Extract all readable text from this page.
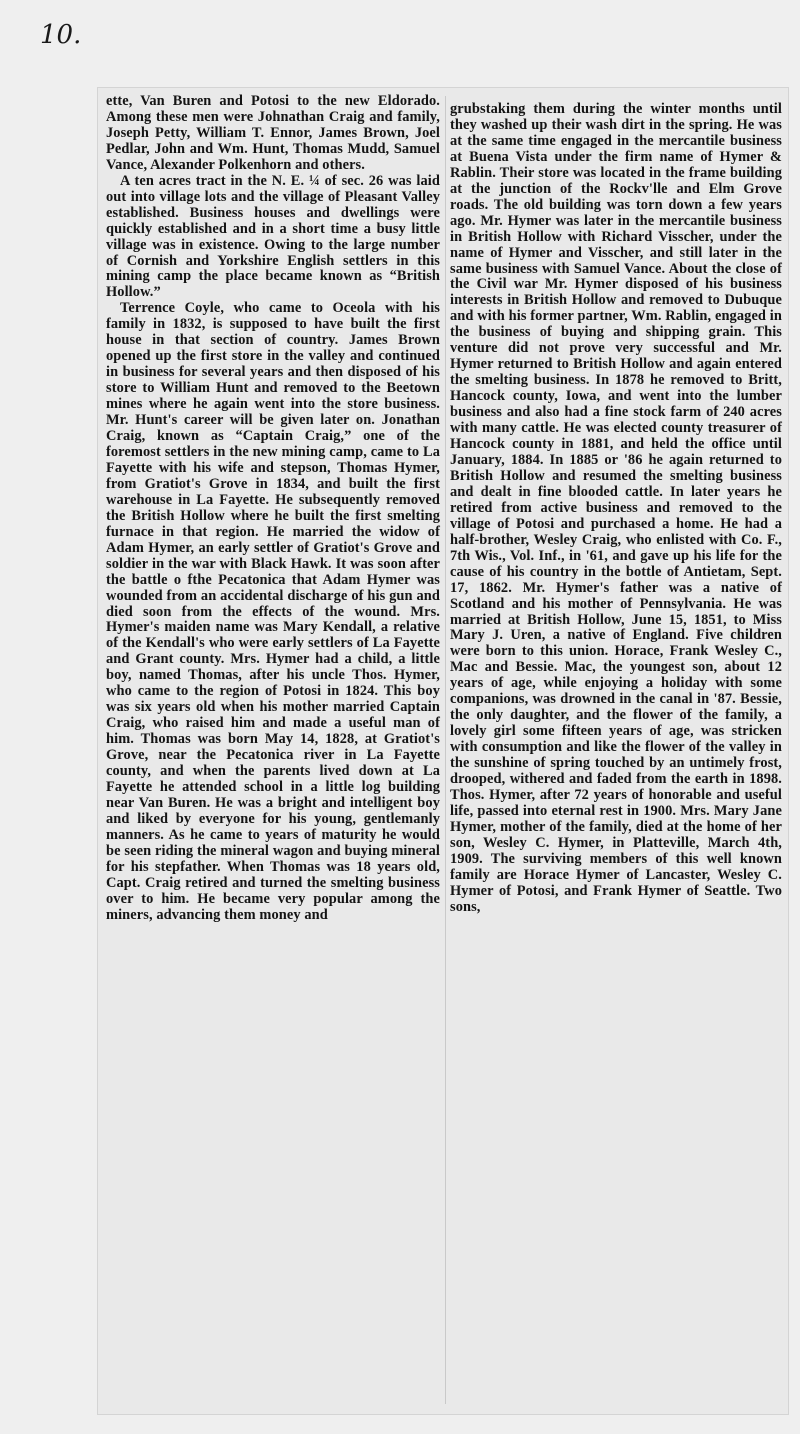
10.

ette, Van Buren and Potosi to the new Eldorado. Among these men were Johnathan Craig and family, Joseph Petty, William T. Ennor, James Brown, Joel Pedlar, John and Wm. Hunt, Thomas Mudd, Samuel Vance, Alexander Polkenhorn and others.

A ten acres tract in the N. E. ¼ of sec. 26 was laid out into village lots and the village of Pleasant Valley established. Business houses and dwellings were quickly established and in a short time a busy little village was in existence. Owing to the large number of Cornish and Yorkshire English settlers in this mining camp the place became known as “British Hollow.”

Terrence Coyle, who came to Oceola with his family in 1832, is supposed to have built the first house in that section of country. James Brown opened up the first store in the valley and continued in business for several years and then disposed of his store to William Hunt and removed to the Beetown mines where he again went into the store business. Mr. Hunt's career will be given later on. Jonathan Craig, known as “Captain Craig,” one of the foremost settlers in the new mining camp, came to La Fayette with his wife and stepson, Thomas Hymer, from Gratiot's Grove in 1834, and built the first warehouse in La Fayette. He subsequently removed the British Hollow where he built the first smelting furnace in that region. He married the widow of Adam Hymer, an early settler of Gratiot's Grove and soldier in the war with Black Hawk. It was soon after the battle o fthe Pecatonica that Adam Hymer was wounded from an accidental discharge of his gun and died soon from the effects of the wound. Mrs. Hymer's maiden name was Mary Kendall, a relative of the Kendall's who were early settlers of La Fayette and Grant county. Mrs. Hymer had a child, a little boy, named Thomas, after his uncle Thos. Hymer, who came to the region of Potosi in 1824. This boy was six years old when his mother married Captain Craig, who raised him and made a useful man of him. Thomas was born May 14, 1828, at Gratiot's Grove, near the Pecatonica river in La Fayette county, and when the parents lived down at La Fayette he attended school in a little log building near Van Buren. He was a bright and intelligent boy and liked by everyone for his young, gentlemanly manners. As he came to years of maturity he would be seen riding the mineral wagon and buying mineral for his stepfather. When Thomas was 18 years old, Capt. Craig retired and turned the smelting business over to him. He became very popular among the miners, advancing them money and

grubstaking them during the winter months until they washed up their wash dirt in the spring. He was at the same time engaged in the mercantile business at Buena Vista under the firm name of Hymer & Rablin. Their store was located in the frame building at the junction of the Rockv'lle and Elm Grove roads. The old building was torn down a few years ago. Mr. Hymer was later in the mercantile business in British Hollow with Richard Visscher, under the name of Hymer and Visscher, and still later in the same business with Samuel Vance. About the close of the Civil war Mr. Hymer disposed of his business interests in British Hollow and removed to Dubuque and with his former partner, Wm. Rablin, engaged in the business of buying and shipping grain. This venture did not prove very successful and Mr. Hymer returned to British Hollow and again entered the smelting business. In 1878 he removed to Britt, Hancock county, Iowa, and went into the lumber business and also had a fine stock farm of 240 acres with many cattle. He was elected county treasurer of Hancock county in 1881, and held the office until January, 1884. In 1885 or '86 he again returned to British Hollow and resumed the smelting business and dealt in fine blooded cattle. In later years he retired from active business and removed to the village of Potosi and purchased a home. He had a half-brother, Wesley Craig, who enlisted with Co. F., 7th Wis., Vol. Inf., in '61, and gave up his life for the cause of his country in the bottle of Antietam, Sept. 17, 1862. Mr. Hymer's father was a native of Scotland and his mother of Pennsylvania. He was married at British Hollow, June 15, 1851, to Miss Mary J. Uren, a native of England. Five children were born to this union. Horace, Frank Wesley C., Mac and Bessie. Mac, the youngest son, about 12 years of age, while enjoying a holiday with some companions, was drowned in the canal in '87. Bessie, the only daughter, and the flower of the family, a lovely girl some fifteen years of age, was stricken with consumption and like the flower of the valley in the sunshine of spring touched by an untimely frost, drooped, withered and faded from the earth in 1898. Thos. Hymer, after 72 years of honorable and useful life, passed into eternal rest in 1900. Mrs. Mary Jane Hymer, mother of the family, died at the home of her son, Wesley C. Hymer, in Platteville, March 4th, 1909. The surviving members of this well known family are Horace Hymer of Lancaster, Wesley C. Hymer of Potosi, and Frank Hymer of Seattle. Two sons,
